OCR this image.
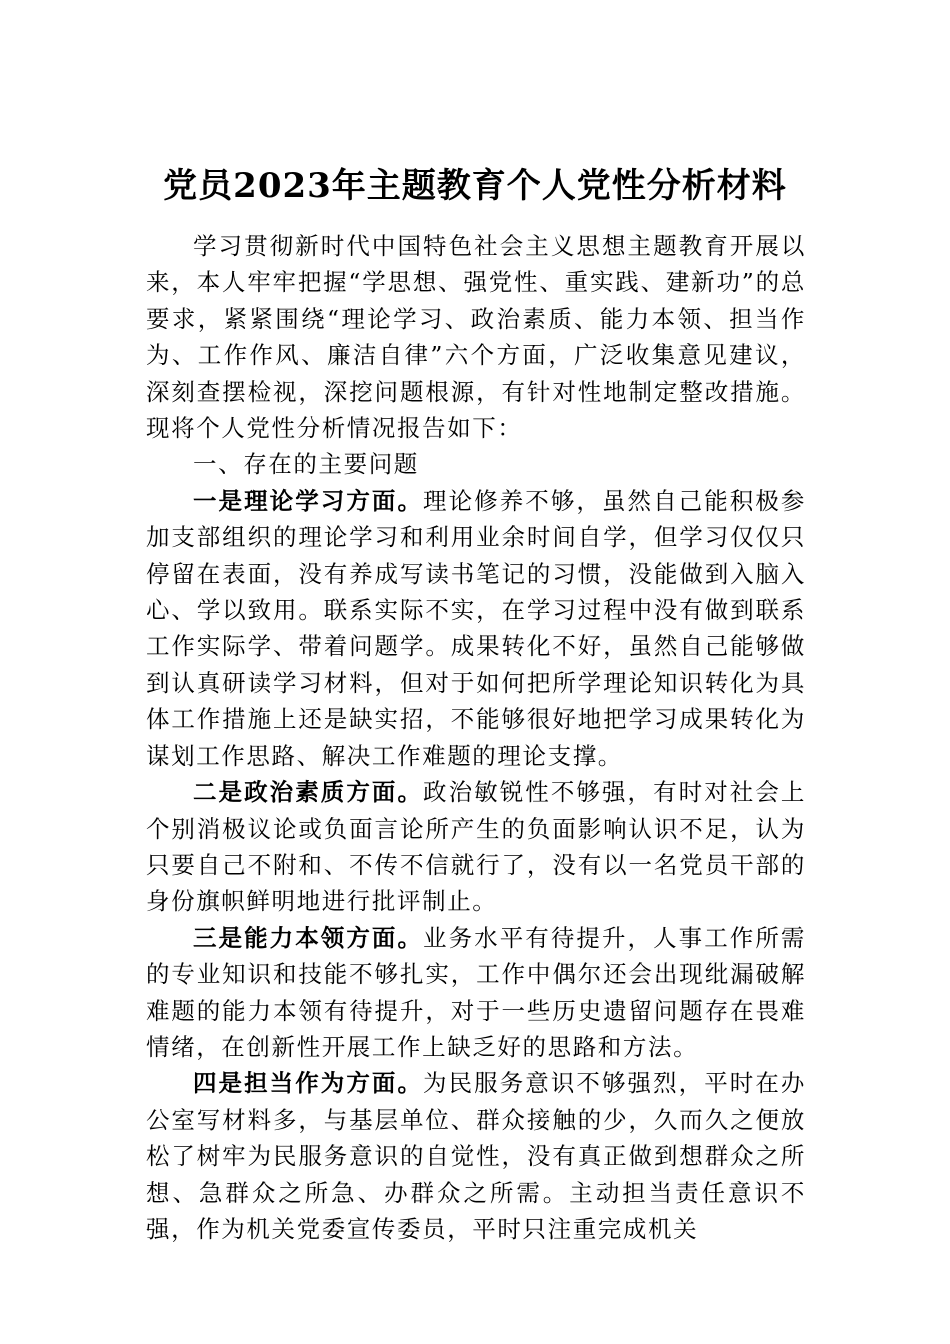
党员2023年主题教育个人党性分析材料

学习贯彻新时代中国特色社会主义思想主题教育开展以来，本人牢牢把握“学思想、强党性、重实践、建新功”的总要求，紧紧围绕“理论学习、政治素质、能力本领、担当作为、工作作风、廉洁自律”六个方面，广泛收集意见建议，深刻查摆检视，深挖问题根源，有针对性地制定整改措施。现将个人党性分析情况报告如下：

一、存在的主要问题

一是理论学习方面。理论修养不够，虽然自己能积极参加支部组织的理论学习和利用业余时间自学，但学习仅仅只停留在表面，没有养成写读书笔记的习惯，没能做到入脑入心、学以致用。联系实际不实，在学习过程中没有做到联系工作实际学、带着问题学。成果转化不好，虽然自己能够做到认真研读学习材料，但对于如何把所学理论知识转化为具体工作措施上还是缺实招，不能够很好地把学习成果转化为谋划工作思路、解决工作难题的理论支撑。

二是政治素质方面。政治敏锐性不够强，有时对社会上个别消极议论或负面言论所产生的负面影响认识不足，认为只要自己不附和、不传不信就行了，没有以一名党员干部的身份旗帜鲜明地进行批评制止。

三是能力本领方面。业务水平有待提升，人事工作所需的专业知识和技能不够扎实，工作中偶尔还会出现纰漏破解难题的能力本领有待提升，对于一些历史遗留问题存在畏难情绪，在创新性开展工作上缺乏好的思路和方法。

四是担当作为方面。为民服务意识不够强烈，平时在办公室写材料多，与基层单位、群众接触的少，久而久之便放松了树牢为民服务意识的自觉性，没有真正做到想群众之所想、急群众之所急、办群众之所需。主动担当责任意识不强，作为机关党委宣传委员，平时只注重完成机关
